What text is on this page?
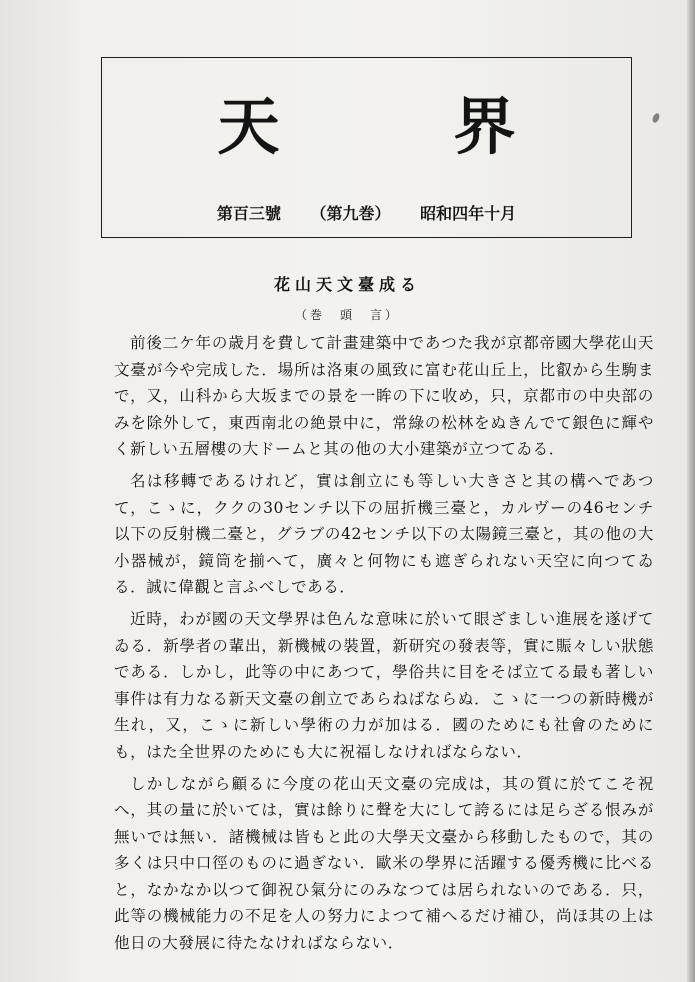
天　界
第百三號 （第九巻） 昭和四年十月
花山天文臺成る
（巻　頭　言）

前後二ケ年の歳月を費して計畫建築中であつた我が京都帝國大學花山天文臺が今や完成した．場所は洛東の風致に富む花山丘上，比叡から生駒まで，又，山科から大坂までの景を一眸の下に收め，只，京都市の中央部のみを除外して，東西南北の絶景中に，常綠の松林をぬきんでて銀色に輝やく新しい五層樓の大ドームと其の他の大小建築が立つてゐる．

名は移轉であるけれど，實は創立にも等しい大きさと其の構へであつて，こゝに，ククの30センチ以下の屈折機三臺と，カルヴーの46センチ以下の反射機二臺と，グラブの42センチ以下の太陽鏡三臺と，其の他の大小器械が，鏡筒を揃へて，廣々と何物にも遮ぎられない天空に向つてゐる．誠に偉觀と言ふべしである．

近時，わが國の天文學界は色んな意味に於いて眼ざましい進展を遂げてゐる．新學者の輩出，新機械の裝置，新研究の發表等，實に賑々しい狀態である．しかし，此等の中にあつて，學俗共に目をそば立てる最も著しい事件は有力なる新天文臺の創立であらねばならぬ．こゝに一つの新時機が生れ，又，こゝに新しい學術の力が加はる．國のためにも社會のためにも，はた全世界のためにも大に祝福しなければならない．

しかしながら顧るに今度の花山天文臺の完成は，其の質に於てこそ祝へ，其の量に於いては，實は餘りに聲を大にして誇るには足らざる恨みが無いでは無い．諸機械は皆もと此の大學天文臺から移動したもので，其の多くは只中口徑のものに過ぎない．歐米の學界に活躍する優秀機に比べると，なかなか以つて御祝ひ氣分にのみなつては居られないのである．只，此等の機械能力の不足を人の努力によつて補へるだけ補ひ，尚ほ其の上は他日の大發展に待たなければならない．
